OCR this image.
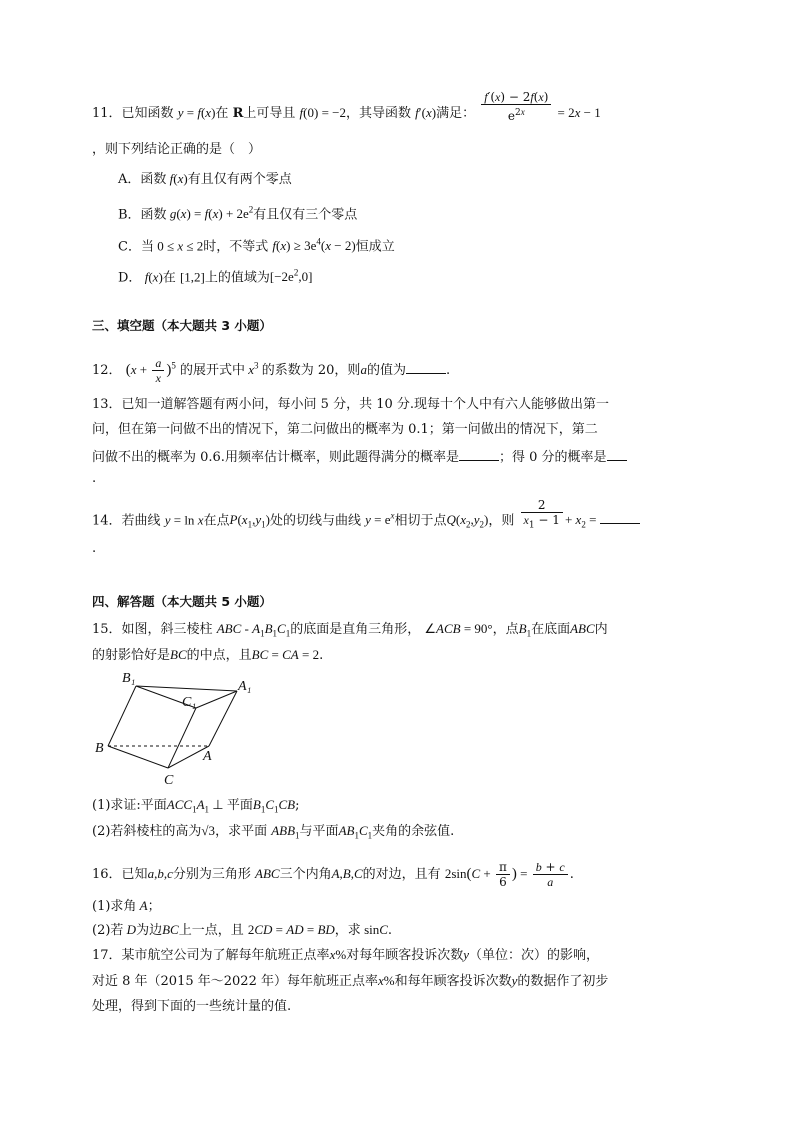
11．已知函数 y = f(x)在 R上可导且 f(0) = −2，其导函数 f′(x)满足： $\frac{f'(x) - 2f(x)}{e^{2x}} = 2x - 1$
，则下列结论正确的是（　）
A．函数 f(x)有且仅有两个零点
B．函数 $g(x) = f(x) + 2e^2$有且仅有三个零点
C．当 0 ≤ x ≤ 2时，不等式 $f(x) \ge 3e^4(x - 2)$恒成立
D． f(x)在 [1,2]上的值域为$[-2e^2,0]$
三、填空题（本大题共 3 小题）
12． $(x + \frac{a}{x} )^5$ 的展开式中 $x^3$ 的系数为 20，则a的值为	.
13．已知一道解答题有两小问，每小问 5 分，共 10 分.现每十个人中有六人能够做出第一
问，但在第一问做不出的情况下，第二问做出的概率为 0.1；第一问做出的情况下，第二
问做不出的概率为 0.6.用频率估计概率，则此题得满分的概率是	；得 0 分的概率是
.
14．若曲线 y = ln x在点$P(x_1,y_1)$处的切线与曲线 $y = e^x$相切于点$Q(x_2,y_2)$，则 $\frac{2}{x_1 - 1} + x_2$ =
.
四、解答题（本大题共 5 小题）
15．如图，斜三棱柱 ABC - $A_1B_1C_1$的底面是直角三角形， ∠ACB = 90°，点$B_1$在底面ABC内
的射影恰好是BC的中点，且BC = CA = 2.
B₁
C₁
A₁
B
A
C
(1)求证:平面$ACC_1A_1$ ⊥ 平面$B_1C_1CB$;
(2)若斜棱柱的高为√3，求平面 $ABB_1$与平面$AB_1C_1$夹角的余弦值.
16．已知a,b,c分别为三角形 ABC三个内角A,B,C的对边，且有 $2\sin(C + \frac{\pi}{6}$ ) = $\frac{b + c}{a}$ .
(1)求角 A；
(2)若 D为边BC上一点，且 2CD = AD = BD，求 sinC.
17．某市航空公司为了解每年航班正点率x%对每年顾客投诉次数y（单位：次）的影响，
对近 8 年（2015 年～2022 年）每年航班正点率x%和每年顾客投诉次数y的数据作了初步
处理，得到下面的一些统计量的值.
